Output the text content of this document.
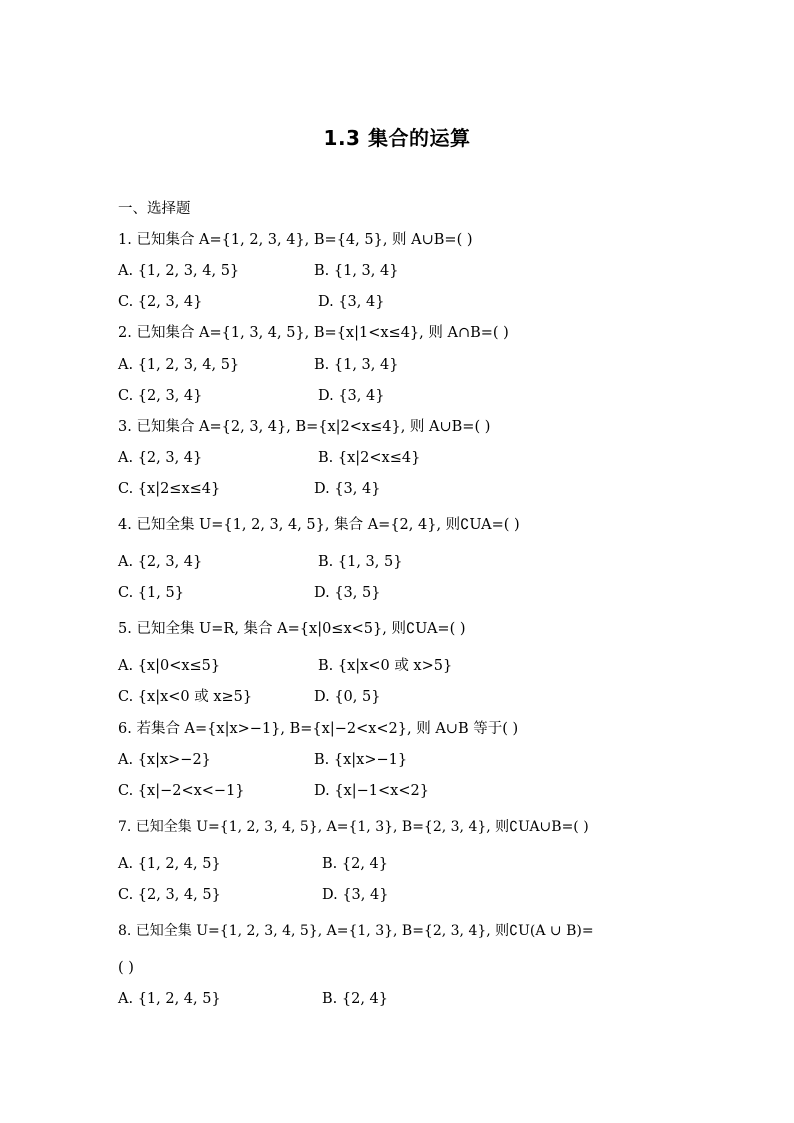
1.3 集合的运算
一、选择题
1. 已知集合 A={1, 2, 3, 4}, B={4, 5}, 则 A∪B=( )
A. {1, 2, 3, 4, 5}	B. {1, 3, 4}
C. {2, 3, 4}	D. {3, 4}
2. 已知集合 A={1, 3, 4, 5}, B={x|1<x≤4}, 则 A∩B=( )
A. {1, 2, 3, 4, 5}	B. {1, 3, 4}
C. {2, 3, 4}	D. {3, 4}
3. 已知集合 A={2, 3, 4}, B={x|2<x≤4}, 则 A∪B=( )
A. {2, 3, 4}	B. {x|2<x≤4}
C. {x|2≤x≤4}	D. {3, 4}
4. 已知全集 U={1, 2, 3, 4, 5}, 集合 A={2, 4}, 则∁UA=( )
A. {2, 3, 4}	B. {1, 3, 5}
C. {1, 5}	D. {3, 5}
5. 已知全集 U=R, 集合 A={x|0≤x<5}, 则∁UA=( )
A. {x|0<x≤5}	B. {x|x<0 或 x>5}
C. {x|x<0 或 x≥5}	D. {0, 5}
6. 若集合 A={x|x>−1}, B={x|−2<x<2}, 则 A∪B 等于( )
A. {x|x>−2}	B. {x|x>−1}
C. {x|−2<x<−1}	D. {x|−1<x<2}
7. 已知全集 U={1, 2, 3, 4, 5}, A={1, 3}, B={2, 3, 4}, 则∁UA∪B=( )
A. {1, 2, 4, 5}	B. {2, 4}
C. {2, 3, 4, 5}	D. {3, 4}
8. 已知全集 U={1, 2, 3, 4, 5}, A={1, 3}, B={2, 3, 4}, 则∁U(A ∪ B)=
( )
A. {1, 2, 4, 5}	B. {2, 4}
